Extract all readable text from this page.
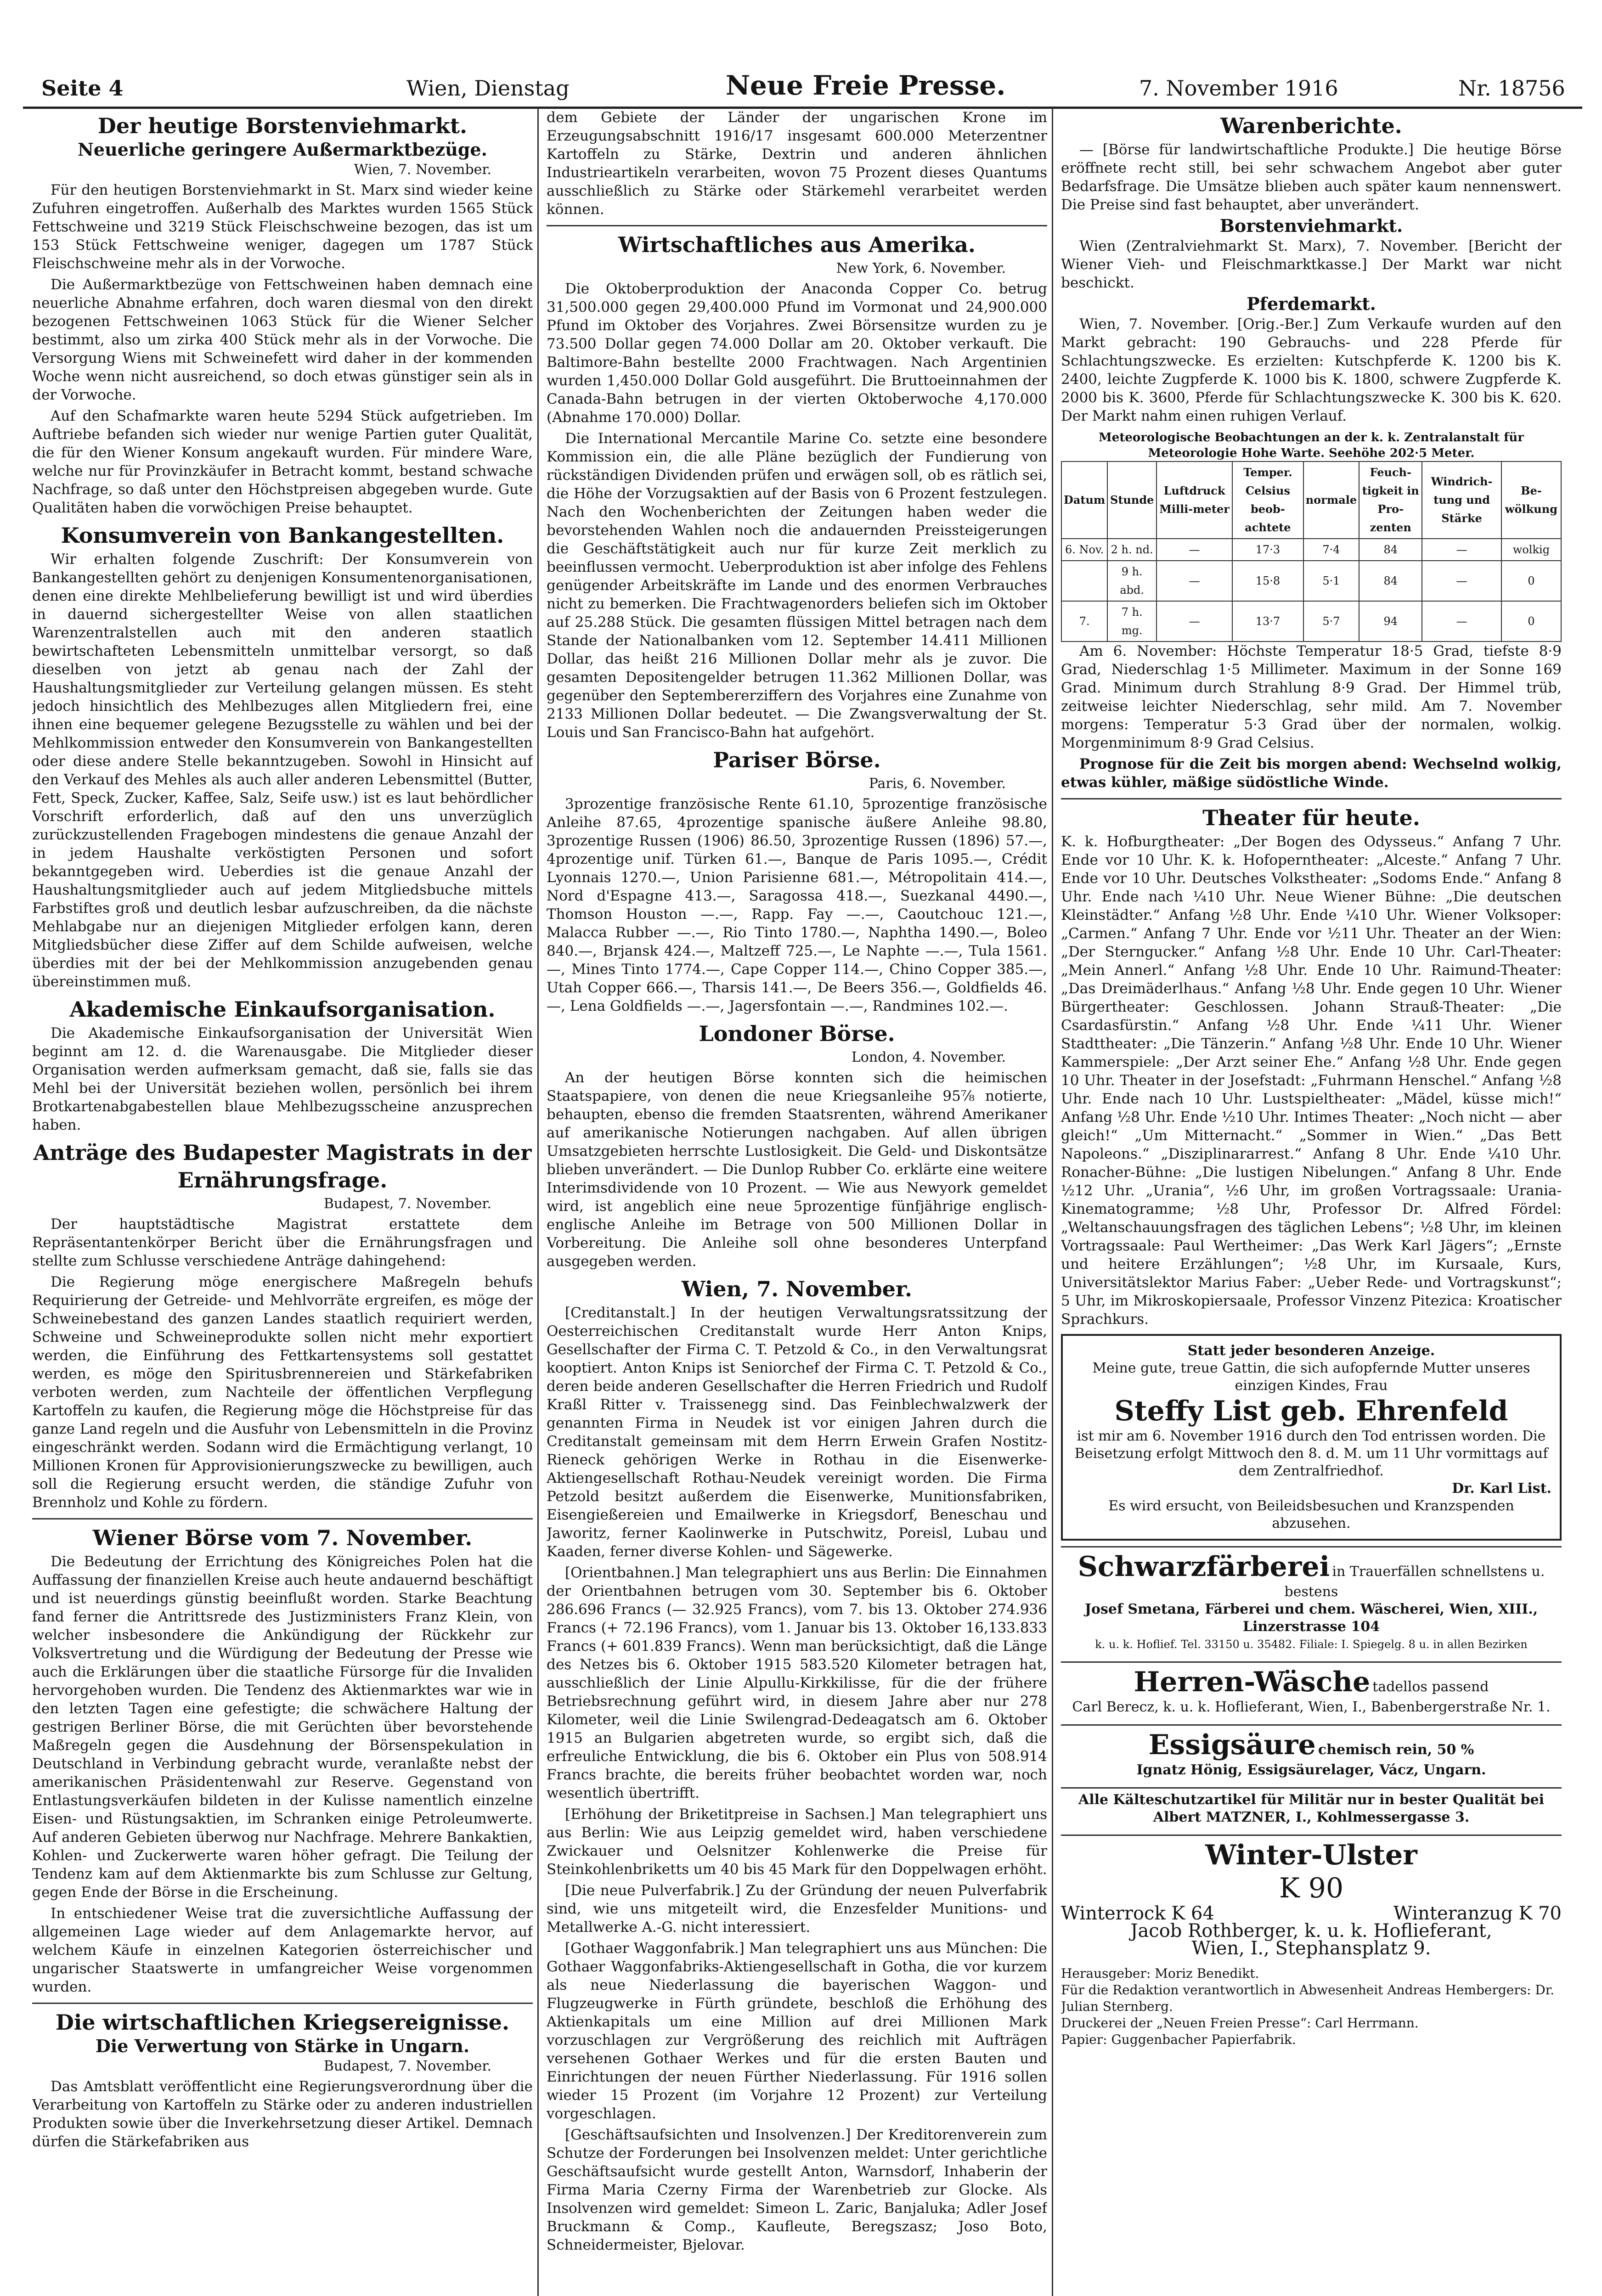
Seite 4	Wien, Dienstag	Neue Freie Presse.	7. November 1916	Nr. 18756
Der heutige Borstenviehmarkt.
Neuerliche geringere Außermarktbezüge.
Wien, 7. November.
Für den heutigen Borstenviehmarkt in St. Marx sind wieder keine Zufuhren eingetroffen. Außerhalb des Marktes wurden 1565 Stück Fettschweine und 3219 Stück Fleischschweine bezogen, das ist um 153 Stück Fettschweine weniger, dagegen um 1787 Stück Fleischschweine mehr als in der Vorwoche.
Die Außermarktbezüge von Fettschweinen haben demnach eine neuerliche Abnahme erfahren, doch waren diesmal von den direkt bezogenen Fettschweinen 1063 Stück für die Wiener Selcher bestimmt, also um zirka 400 Stück mehr als in der Vorwoche. Die Versorgung Wiens mit Schweinefett wird daher in der kommenden Woche wenn nicht ausreichend, so doch etwas günstiger sein als in der Vorwoche.
Auf den Schafmarkte waren heute 5294 Stück aufgetrieben. Im Auftriebe befanden sich wieder nur wenige Partien guter Qualität, die für den Wiener Konsum angekauft wurden. Für mindere Ware, welche nur für Provinzkäufer in Betracht kommt, bestand schwache Nachfrage, so daß unter den Höchstpreisen abgegeben wurde. Gute Qualitäten haben die vorwöchigen Preise behauptet.
Konsumverein von Bankangestellten.
Wir erhalten folgende Zuschrift: Der Konsumverein von Bankangestellten gehört zu denjenigen Konsumentenorganisationen, denen eine direkte Mehlbelieferung bewilligt ist und wird überdies in dauernd sichergestellter Weise von allen staatlichen Warenzentralstellen auch mit den anderen staatlich bewirtschafteten Lebensmitteln unmittelbar versorgt, so daß dieselben von jetzt ab genau nach der Zahl der Haushaltungsmitglieder zur Verteilung gelangen müssen. Es steht jedoch hinsichtlich des Mehlbezuges allen Mitgliedern frei, eine ihnen eine bequemer gelegene Bezugsstelle zu wählen und bei der Mehlkommission entweder den Konsumverein von Bankangestellten oder diese andere Stelle bekanntzugeben. Sowohl in Hinsicht auf den Verkauf des Mehles als auch aller anderen Lebensmittel (Butter, Fett, Speck, Zucker, Kaffee, Salz, Seife usw.) ist es laut behördlicher Vorschrift erforderlich, daß auf den uns unverzüglich zurückzustellenden Fragebogen mindestens die genaue Anzahl der in jedem Haushalte verköstigten Personen und sofort bekanntgegeben wird. Ueberdies ist die genaue Anzahl der Haushaltungsmitglieder auch auf jedem Mitgliedsbuche mittels Farbstiftes groß und deutlich lesbar aufzuschreiben, da die nächste Mehlabgabe nur an diejenigen Mitglieder erfolgen kann, deren Mitgliedsbücher diese Ziffer auf dem Schilde aufweisen, welche überdies mit der bei der Mehlkommission anzugebenden genau übereinstimmen muß.
Akademische Einkaufsorganisation.
Die Akademische Einkaufsorganisation der Universität Wien beginnt am 12. d. die Warenausgabe. Die Mitglieder dieser Organisation werden aufmerksam gemacht, daß sie, falls sie das Mehl bei der Universität beziehen wollen, persönlich bei ihrem Brotkartenabgabestellen blaue Mehlbezugsscheine anzusprechen haben.
Anträge des Budapester Magistrats in der Ernährungsfrage.
Budapest, 7. November.
Der hauptstädtische Magistrat erstattete dem Repräsentantenkörper Bericht über die Ernährungsfragen und stellte zum Schlusse verschiedene Anträge dahingehend:
Die Regierung möge energischere Maßregeln behufs Requirierung der Getreide- und Mehlvorräte ergreifen, es möge der Schweinebestand des ganzen Landes staatlich requiriert werden, Schweine und Schweineprodukte sollen nicht mehr exportiert werden, die Einführung des Fettkartensystems soll gestattet werden, es möge den Spiritusbrennereien und Stärkefabriken verboten werden, zum Nachteile der öffentlichen Verpflegung Kartoffeln zu kaufen, die Regierung möge die Höchstpreise für das ganze Land regeln und die Ausfuhr von Lebensmitteln in die Provinz eingeschränkt werden. Sodann wird die Ermächtigung verlangt, 10 Millionen Kronen für Approvisionierungszwecke zu bewilligen, auch soll die Regierung ersucht werden, die ständige Zufuhr von Brennholz und Kohle zu fördern.
Wiener Börse vom 7. November.
Die Bedeutung der Errichtung des Königreiches Polen hat die Auffassung der finanziellen Kreise auch heute andauernd beschäftigt und ist neuerdings günstig beeinflußt worden. Starke Beachtung fand ferner die Antrittsrede des Justizministers Franz Klein, von welcher insbesondere die Ankündigung der Rückkehr zur Volksvertretung und die Würdigung der Bedeutung der Presse wie auch die Erklärungen über die staatliche Fürsorge für die Invaliden hervorgehoben wurden. Die Tendenz des Aktienmarktes war wie in den letzten Tagen eine gefestigte; die schwächere Haltung der gestrigen Berliner Börse, die mit Gerüchten über bevorstehende Maßregeln gegen die Ausdehnung der Börsenspekulation in Deutschland in Verbindung gebracht wurde, veranlaßte nebst der amerikanischen Präsidentenwahl zur Reserve. Gegenstand von Entlastungsverkäufen bildeten in der Kulisse namentlich einzelne Eisen- und Rüstungsaktien, im Schranken einige Petroleumwerte. Auf anderen Gebieten überwog nur Nachfrage. Mehrere Bankaktien, Kohlen- und Zuckerwerte waren höher gefragt. Die Teilung der Tendenz kam auf dem Aktienmarkte bis zum Schlusse zur Geltung, gegen Ende der Börse in die Erscheinung.
In entschiedener Weise trat die zuversichtliche Auffassung der allgemeinen Lage wieder auf dem Anlagemarkte hervor, auf welchem Käufe in einzelnen Kategorien österreichischer und ungarischer Staatswerte in umfangreicher Weise vorgenommen wurden.
Die wirtschaftlichen Kriegsereignisse.
Die Verwertung von Stärke in Ungarn.
Budapest, 7. November.
Das Amtsblatt veröffentlicht eine Regierungsverordnung über die Verarbeitung von Kartoffeln zu Stärke oder zu anderen industriellen Produkten sowie über die Inverkehrsetzung dieser Artikel. Demnach dürfen die Stärkefabriken aus
dem Gebiete der Länder der ungarischen Krone im Erzeugungsabschnitt 1916/17 insgesamt 600.000 Meterzentner Kartoffeln zu Stärke, Dextrin und anderen ähnlichen Industrieartikeln verarbeiten, wovon 75 Prozent dieses Quantums ausschließlich zu Stärke oder Stärkemehl verarbeitet werden können.
Wirtschaftliches aus Amerika.
New York, 6. November.
Die Oktoberproduktion der Anaconda Copper Co. betrug 31,500.000 gegen 29,400.000 Pfund im Vormonat und 24,900.000 Pfund im Oktober des Vorjahres. Zwei Börsensitze wurden zu je 73.500 Dollar gegen 74.000 Dollar am 20. Oktober verkauft. Die Baltimore-Bahn bestellte 2000 Frachtwagen. Nach Argentinien wurden 1,450.000 Dollar Gold ausgeführt. Die Bruttoeinnahmen der Canada-Bahn betrugen in der vierten Oktoberwoche 4,170.000 (Abnahme 170.000) Dollar.
Die International Mercantile Marine Co. setzte eine besondere Kommission ein, die alle Pläne bezüglich der Fundierung von rückständigen Dividenden prüfen und erwägen soll, ob es rätlich sei, die Höhe der Vorzugsaktien auf der Basis von 6 Prozent festzulegen. Nach den Wochenberichten der Zeitungen haben weder die bevorstehenden Wahlen noch die andauernden Preissteigerungen die Geschäftstätigkeit auch nur für kurze Zeit merklich zu beeinflussen vermocht. Ueberproduktion ist aber infolge des Fehlens genügender Arbeitskräfte im Lande und des enormen Verbrauches nicht zu bemerken. Die Frachtwagenorders beliefen sich im Oktober auf 25.288 Stück. Die gesamten flüssigen Mittel betragen nach dem Stande der Nationalbanken vom 12. September 14.411 Millionen Dollar, das heißt 216 Millionen Dollar mehr als je zuvor. Die gesamten Depositengelder betrugen 11.362 Millionen Dollar, was gegenüber den Septembererziffern des Vorjahres eine Zunahme von 2133 Millionen Dollar bedeutet. — Die Zwangsverwaltung der St. Louis und San Francisco-Bahn hat aufgehört.
Pariser Börse.
Paris, 6. November.
3prozentige französische Rente 61.10, 5prozentige französische Anleihe 87.65, 4prozentige spanische äußere Anleihe 98.80, 3prozentige Russen (1906) 86.50, 3prozentige Russen (1896) 57.—, 4prozentige unif. Türken 61.—, Banque de Paris 1095.—, Crédit Lyonnais 1270.—, Union Parisienne 681.—, Métropolitain 414.—, Nord d'Espagne 413.—, Saragossa 418.—, Suezkanal 4490.—, Thomson Houston —.—, Rapp. Fay —.—, Caoutchouc 121.—, Malacca Rubber —.—, Rio Tinto 1780.—, Naphtha 1490.—, Boleo 840.—, Brjansk 424.—, Maltzeff 725.—, Le Naphte —.—, Tula 1561.—, Mines Tinto 1774.—, Cape Copper 114.—, Chino Copper 385.—, Utah Copper 666.—, Tharsis 141.—, De Beers 356.—, Goldfields 46.—, Lena Goldfields —.—, Jagersfontain —.—, Randmines 102.—.
Londoner Börse.
London, 4. November.
An der heutigen Börse konnten sich die heimischen Staatspapiere, von denen die neue Kriegsanleihe 95⅞ notierte, behaupten, ebenso die fremden Staatsrenten, während Amerikaner auf amerikanische Notierungen nachgaben. Auf allen übrigen Umsatzgebieten herrschte Lustlosigkeit. Die Geld- und Diskontsätze blieben unverändert. — Die Dunlop Rubber Co. erklärte eine weitere Interimsdividende von 10 Prozent. — Wie aus Newyork gemeldet wird, ist angeblich eine neue 5prozentige fünfjährige englisch-englische Anleihe im Betrage von 500 Millionen Dollar in Vorbereitung. Die Anleihe soll ohne besonderes Unterpfand ausgegeben werden.
Wien, 7. November.
[Creditanstalt.] In der heutigen Verwaltungsratssitzung der Oesterreichischen Creditanstalt wurde Herr Anton Knips, Gesellschafter der Firma C. T. Petzold & Co., in den Verwaltungsrat kooptiert. Anton Knips ist Seniorchef der Firma C. T. Petzold & Co., deren beide anderen Gesellschafter die Herren Friedrich und Rudolf Kraßl Ritter v. Traissenegg sind. Das Feinblechwalzwerk der genannten Firma in Neudek ist vor einigen Jahren durch die Creditanstalt gemeinsam mit dem Herrn Erwein Grafen Nostitz-Rieneck gehörigen Werke in Rothau in die Eisenwerke-Aktiengesellschaft Rothau-Neudek vereinigt worden. Die Firma Petzold besitzt außerdem die Eisenwerke, Munitionsfabriken, Eisengießereien und Emailwerke in Kriegsdorf, Beneschau und Jaworitz, ferner Kaolinwerke in Putschwitz, Poreisl, Lubau und Kaaden, ferner diverse Kohlen- und Sägewerke.
[Orientbahnen.] Man telegraphiert uns aus Berlin: Die Einnahmen der Orientbahnen betrugen vom 30. September bis 6. Oktober 286.696 Francs (— 32.925 Francs), vom 7. bis 13. Oktober 274.936 Francs (+ 72.196 Francs), vom 1. Januar bis 13. Oktober 16,133.833 Francs (+ 601.839 Francs). Wenn man berücksichtigt, daß die Länge des Netzes bis 6. Oktober 1915 583.520 Kilometer betragen hat, ausschließlich der Linie Alpullu-Kirkkilisse, für die der frühere Betriebsrechnung geführt wird, in diesem Jahre aber nur 278 Kilometer, weil die Linie Swilengrad-Dedeagatsch am 6. Oktober 1915 an Bulgarien abgetreten wurde, so ergibt sich, daß die erfreuliche Entwicklung, die bis 6. Oktober ein Plus von 508.914 Francs brachte, die bereits früher beobachtet worden war, noch wesentlich übertrifft.
[Erhöhung der Briketitpreise in Sachsen.] Man telegraphiert uns aus Berlin: Wie aus Leipzig gemeldet wird, haben verschiedene Zwickauer und Oelsnitzer Kohlenwerke die Preise für Steinkohlenbriketts um 40 bis 45 Mark für den Doppelwagen erhöht.
[Die neue Pulverfabrik.] Zu der Gründung der neuen Pulverfabrik sind, wie uns mitgeteilt wird, die Enzesfelder Munitions- und Metallwerke A.-G. nicht interessiert.
[Gothaer Waggonfabrik.] Man telegraphiert uns aus München: Die Gothaer Waggonfabriks-Aktiengesellschaft in Gotha, die vor kurzem als neue Niederlassung die bayerischen Waggon- und Flugzeugwerke in Fürth gründete, beschloß die Erhöhung des Aktienkapitals um eine Million auf drei Millionen Mark vorzuschlagen zur Vergrößerung des reichlich mit Aufträgen versehenen Gothaer Werkes und für die ersten Bauten und Einrichtungen der neuen Fürther Niederlassung. Für 1916 sollen wieder 15 Prozent (im Vorjahre 12 Prozent) zur Verteilung vorgeschlagen.
[Geschäftsaufsichten und Insolvenzen.] Der Kreditorenverein zum Schutze der Forderungen bei Insolvenzen meldet: Unter gerichtliche Geschäftsaufsicht wurde gestellt Anton, Warnsdorf, Inhaberin der Firma Maria Czerny Firma der Warenbetrieb zur Glocke. Als Insolvenzen wird gemeldet: Simeon L. Zaric, Banjaluka; Adler Josef Bruckmann & Comp., Kaufleute, Beregszasz; Joso Boto, Schneidermeister, Bjelovar.
Warenberichte.
— [Börse für landwirtschaftliche Produkte.] Die heutige Börse eröffnete recht still, bei sehr schwachem Angebot aber guter Bedarfsfrage. Die Umsätze blieben auch später kaum nennenswert. Die Preise sind fast behauptet, aber unverändert.
Borstenviehmarkt.
Wien (Zentralviehmarkt St. Marx), 7. November. [Bericht der Wiener Vieh- und Fleischmarktkasse.] Der Markt war nicht beschickt.
Pferdemarkt.
Wien, 7. November. [Orig.-Ber.] Zum Verkaufe wurden auf den Markt gebracht: 190 Gebrauchs- und 228 Pferde für Schlachtungszwecke. Es erzielten: Kutschpferde K. 1200 bis K. 2400, leichte Zugpferde K. 1000 bis K. 1800, schwere Zugpferde K. 2000 bis K. 3600, Pferde für Schlachtungszwecke K. 300 bis K. 620. Der Markt nahm einen ruhigen Verlauf.
Meteorologische Beobachtungen an der k. k. Zentralanstalt für Meteorologie Hohe Warte. Seehöhe 202·5 Meter.
Datum	Stunde	Luftdruck Milli-meter	Temper. Celsius beob-achtete	normale	Feuch-tigkeit in Pro-zenten	Windrich-tung und Stärke	Be-wölkung
6. Nov.	2 h. nd.	—	17·3	7·4	84	—	wolkig
	9 h. abd.	—	15·8	5·1	84	—	0
7.	7 h. mg.	—	13·7	5·7	94	—	0
Am 6. November: Höchste Temperatur 18·5 Grad, tiefste 8·9 Grad, Niederschlag 1·5 Millimeter. Maximum in der Sonne 169 Grad. Minimum durch Strahlung 8·9 Grad. Der Himmel trüb, zeitweise leichter Niederschlag, sehr mild. Am 7. November morgens: Temperatur 5·3 Grad über der normalen, wolkig. Morgenminimum 8·9 Grad Celsius.
Prognose für die Zeit bis morgen abend: Wechselnd wolkig, etwas kühler, mäßige südöstliche Winde.
Theater für heute.
K. k. Hofburgtheater: „Der Bogen des Odysseus.“ Anfang 7 Uhr. Ende vor 10 Uhr. K. k. Hofoperntheater: „Alceste.“ Anfang 7 Uhr. Ende vor 10 Uhr. Deutsches Volkstheater: „Sodoms Ende.“ Anfang 8 Uhr. Ende nach ¼10 Uhr. Neue Wiener Bühne: „Die deutschen Kleinstädter.“ Anfang ½8 Uhr. Ende ¼10 Uhr. Wiener Volksoper: „Carmen.“ Anfang 7 Uhr. Ende vor ½11 Uhr. Theater an der Wien: „Der Sterngucker.“ Anfang ½8 Uhr. Ende 10 Uhr. Carl-Theater: „Mein Annerl.“ Anfang ½8 Uhr. Ende 10 Uhr. Raimund-Theater: „Das Dreimäderlhaus.“ Anfang ½8 Uhr. Ende gegen 10 Uhr. Wiener Bürgertheater: Geschlossen. Johann Strauß-Theater: „Die Csardasfürstin.“ Anfang ½8 Uhr. Ende ¼11 Uhr. Wiener Stadttheater: „Die Tänzerin.“ Anfang ½8 Uhr. Ende 10 Uhr. Wiener Kammerspiele: „Der Arzt seiner Ehe.“ Anfang ½8 Uhr. Ende gegen 10 Uhr. Theater in der Josefstadt: „Fuhrmann Henschel.“ Anfang ½8 Uhr. Ende nach 10 Uhr. Lustspieltheater: „Mädel, küsse mich!“ Anfang ½8 Uhr. Ende ½10 Uhr. Intimes Theater: „Noch nicht — aber gleich!“ „Um Mitternacht.“ „Sommer in Wien.“ „Das Bett Napoleons.“ „Disziplinararrest.“ Anfang 8 Uhr. Ende ¼10 Uhr. Ronacher-Bühne: „Die lustigen Nibelungen.“ Anfang 8 Uhr. Ende ½12 Uhr. „Urania“, ½6 Uhr, im großen Vortragssaale: Urania-Kinematogramme; ½8 Uhr, Professor Dr. Alfred Fördel: „Weltanschauungsfragen des täglichen Lebens“; ½8 Uhr, im kleinen Vortragssaale: Paul Wertheimer: „Das Werk Karl Jägers“; „Ernste und heitere Erzählungen“; ½8 Uhr, im Kursaale, Kurs, Universitätslektor Marius Faber: „Ueber Rede- und Vortragskunst“; 5 Uhr, im Mikroskopiersaale, Professor Vinzenz Pitezica: Kroatischer Sprachkurs.
Statt jeder besonderen Anzeige.
Meine gute, treue Gattin, die sich aufopfernde Mutter unseres einzigen Kindes, Frau
Steffy List geb. Ehrenfeld
ist mir am 6. November 1916 durch den Tod entrissen worden. Die Beisetzung erfolgt Mittwoch den 8. d. M. um 11 Uhr vormittags auf dem Zentralfriedhof.
Dr. Karl List.
Es wird ersucht, von Beileidsbesuchen und Kranzspenden abzusehen.
Schwarzfärberei in Trauerfällen schnellstens u. bestens
Josef Smetana, Färberei und chem. Wäscherei, Wien, XIII., Linzerstrasse 104
k. u. k. Hoflief. Tel. 33150 u. 35482. Filiale: I. Spiegelg. 8 u. in allen Bezirken
Herren-Wäsche tadellos passend
Carl Berecz, k. u. k. Hoflieferant, Wien, I., Babenbergerstraße Nr. 1.
Essigsäure chemisch rein, 50 %
Ignatz Hönig, Essigsäurelager, Vácz, Ungarn.
Alle Kälteschutzartikel für Militär nur in bester Qualität bei Albert MATZNER, I., Kohlmessergasse 3.
Winter-Ulster
K 90
Winterrock K 64	Winteranzug K 70
Jacob Rothberger, k. u. k. Hoflieferant,
Wien, I., Stephansplatz 9.
Herausgeber: Moriz Benedikt.
Für die Redaktion verantwortlich in Abwesenheit Andreas Hembergers: Dr. Julian Sternberg.
Druckerei der „Neuen Freien Presse“: Carl Herrmann.
Papier: Guggenbacher Papierfabrik.
